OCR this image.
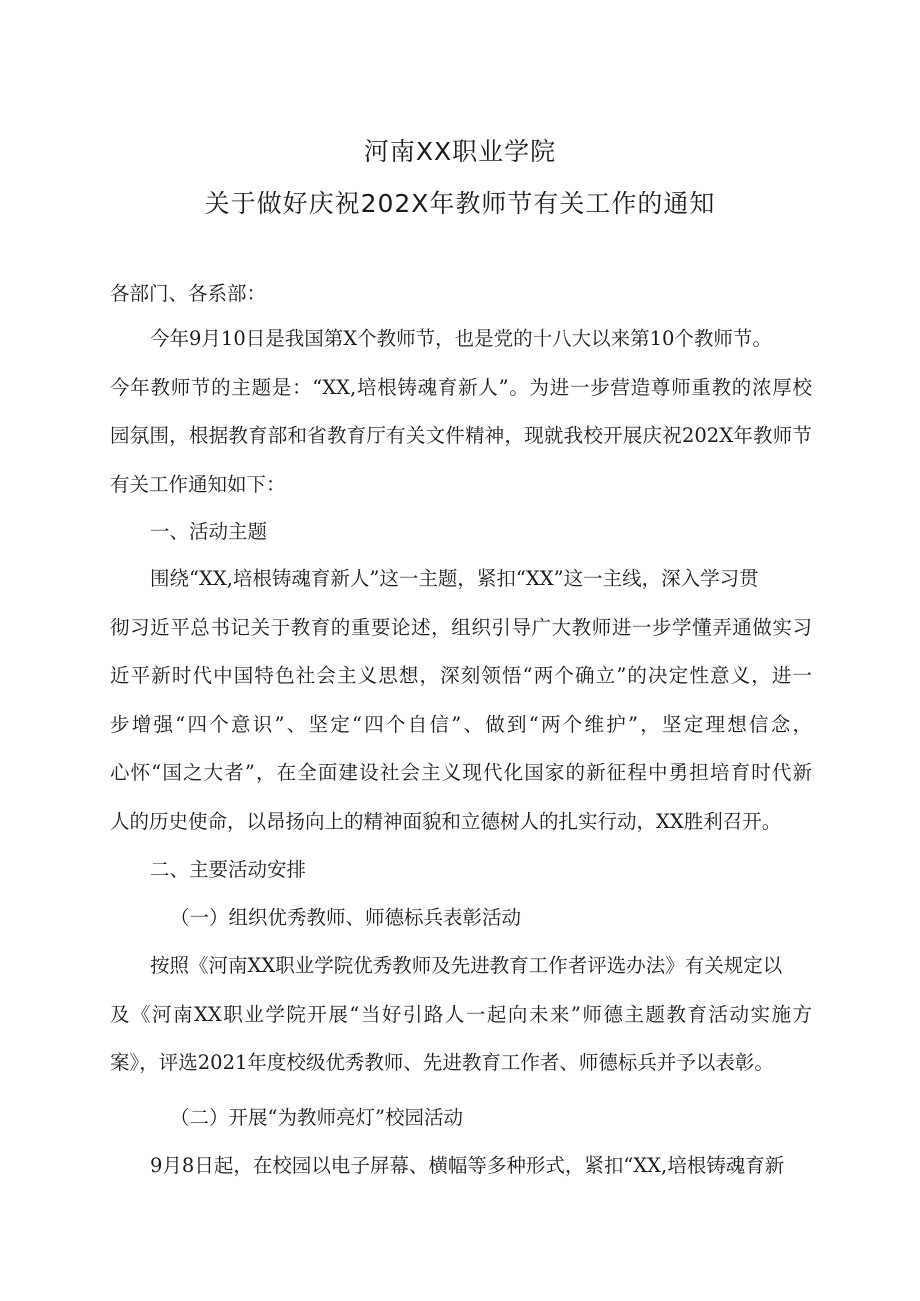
河南XX职业学院
关于做好庆祝202X年教师节有关工作的通知
各部门、各系部：
今年9月10日是我国第X个教师节，也是党的十八大以来第10个教师节。
今年教师节的主题是：“XX,培根铸魂育新人”。为进一步营造尊师重教的浓厚校
园氛围，根据教育部和省教育厅有关文件精神，现就我校开展庆祝202X年教师节
有关工作通知如下：
一、活动主题
围绕“XX,培根铸魂育新人”这一主题，紧扣“XX”这一主线，深入学习贯
彻习近平总书记关于教育的重要论述，组织引导广大教师进一步学懂弄通做实习
近平新时代中国特色社会主义思想，深刻领悟“两个确立”的决定性意义，进一
步增强“四个意识”、坚定“四个自信”、做到“两个维护”，坚定理想信念，
心怀“国之大者”，在全面建设社会主义现代化国家的新征程中勇担培育时代新
人的历史使命，以昂扬向上的精神面貌和立德树人的扎实行动，XX胜利召开。
二、主要活动安排
（一）组织优秀教师、师德标兵表彰活动
按照《河南XX职业学院优秀教师及先进教育工作者评选办法》有关规定以
及《河南XX职业学院开展“当好引路人一起向未来”师德主题教育活动实施方
案》，评选2021年度校级优秀教师、先进教育工作者、师德标兵并予以表彰。
（二）开展“为教师亮灯”校园活动
9月8日起，在校园以电子屏幕、横幅等多种形式，紧扣“XX,培根铸魂育新
